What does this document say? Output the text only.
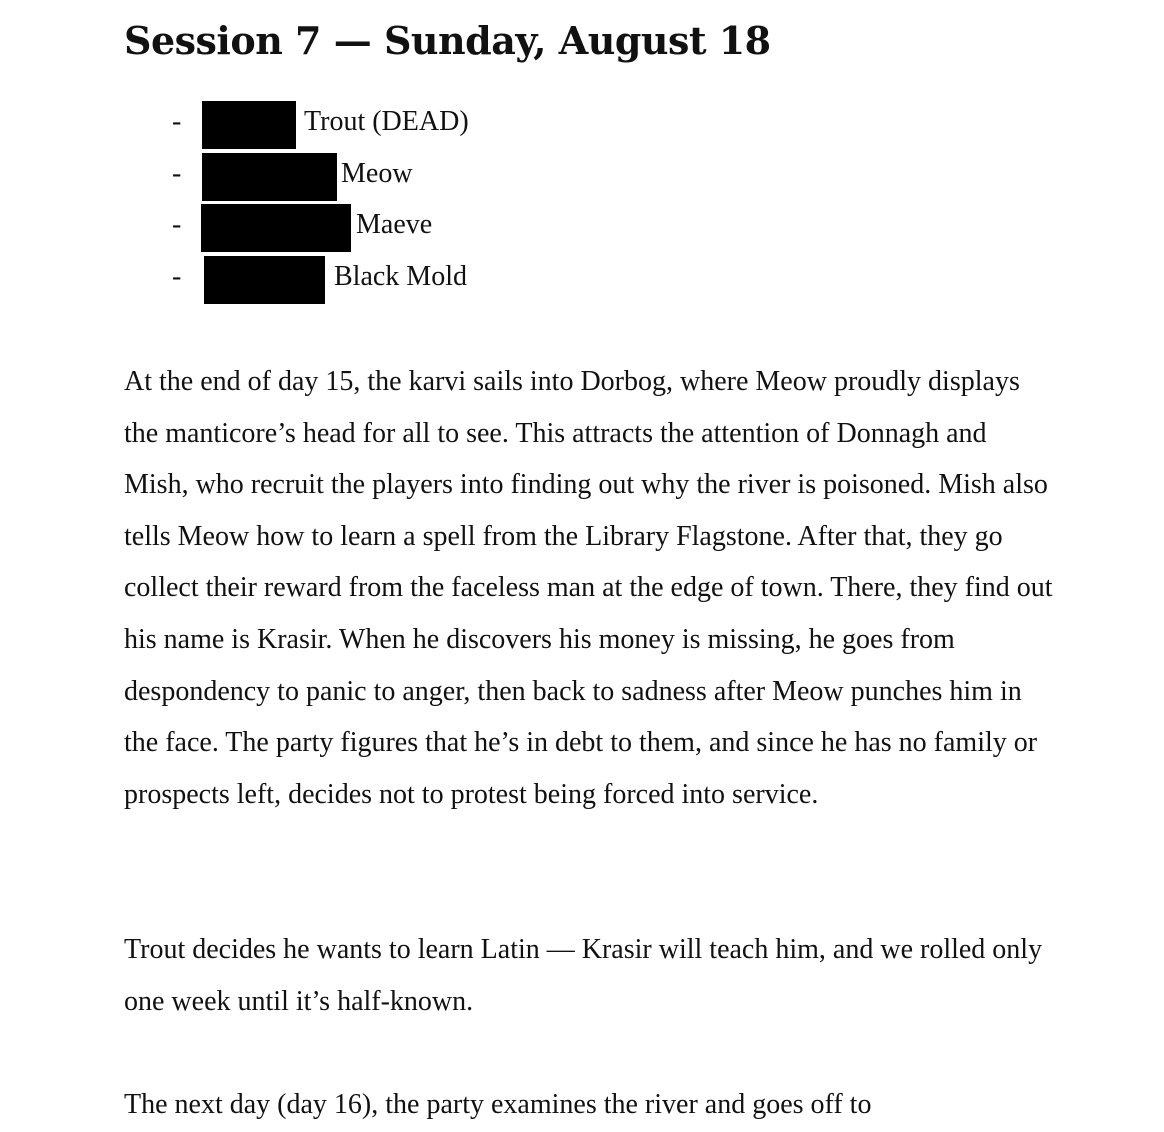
Session 7 — Sunday, August 18
-	Trout (DEAD)
-	Meow
-	Maeve
-	Black Mold

At the end of day 15, the karvi sails into Dorbog, where Meow proudly displays the manticore’s head for all to see. This attracts the attention of Donnagh and Mish, who recruit the players into finding out why the river is poisoned. Mish also tells Meow how to learn a spell from the Library Flagstone. After that, they go collect their reward from the faceless man at the edge of town. There, they find out his name is Krasir. When he discovers his money is missing, he goes from despondency to panic to anger, then back to sadness after Meow punches him in the face. The party figures that he’s in debt to them, and since he has no family or prospects left, decides not to protest being forced into service.

Trout decides he wants to learn Latin — Krasir will teach him, and we rolled only one week until it’s half-known.

The next day (day 16), the party examines the river and goes off to
